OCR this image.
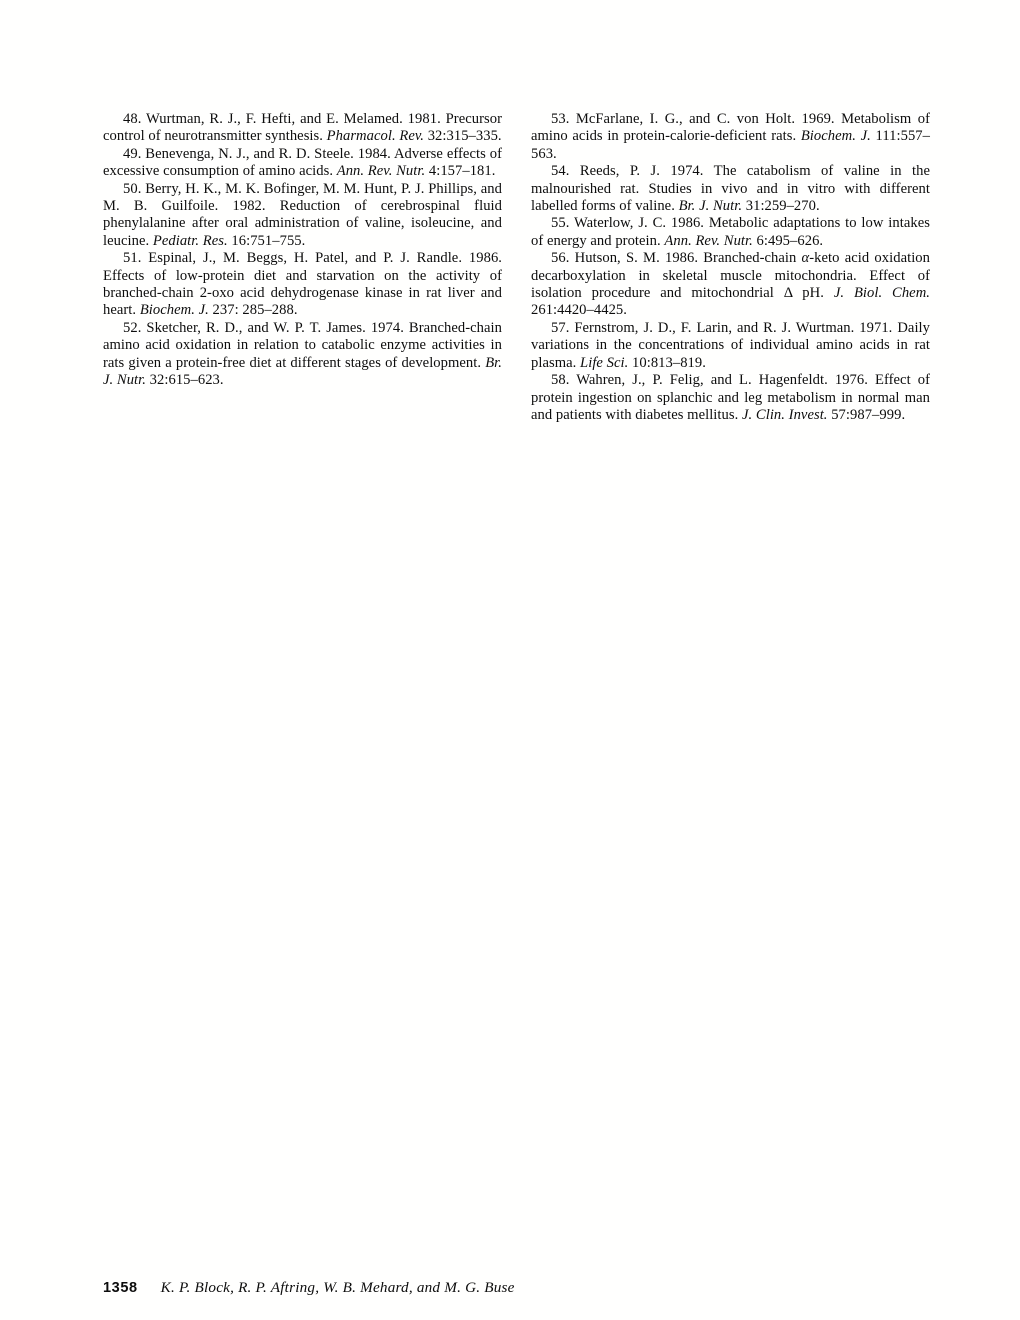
48. Wurtman, R. J., F. Hefti, and E. Melamed. 1981. Precursor control of neurotransmitter synthesis. Pharmacol. Rev. 32:315–335.

49. Benevenga, N. J., and R. D. Steele. 1984. Adverse effects of excessive consumption of amino acids. Ann. Rev. Nutr. 4:157–181.

50. Berry, H. K., M. K. Bofinger, M. M. Hunt, P. J. Phillips, and M. B. Guilfoile. 1982. Reduction of cerebrospinal fluid phenylalanine after oral administration of valine, isoleucine, and leucine. Pediatr. Res. 16:751–755.

51. Espinal, J., M. Beggs, H. Patel, and P. J. Randle. 1986. Effects of low-protein diet and starvation on the activity of branched-chain 2-oxo acid dehydrogenase kinase in rat liver and heart. Biochem. J. 237: 285–288.

52. Sketcher, R. D., and W. P. T. James. 1974. Branched-chain amino acid oxidation in relation to catabolic enzyme activities in rats given a protein-free diet at different stages of development. Br. J. Nutr. 32:615–623.

53. McFarlane, I. G., and C. von Holt. 1969. Metabolism of amino acids in protein-calorie-deficient rats. Biochem. J. 111:557–563.

54. Reeds, P. J. 1974. The catabolism of valine in the malnourished rat. Studies in vivo and in vitro with different labelled forms of valine. Br. J. Nutr. 31:259–270.

55. Waterlow, J. C. 1986. Metabolic adaptations to low intakes of energy and protein. Ann. Rev. Nutr. 6:495–626.

56. Hutson, S. M. 1986. Branched-chain α-keto acid oxidation decarboxylation in skeletal muscle mitochondria. Effect of isolation procedure and mitochondrial Δ pH. J. Biol. Chem. 261:4420–4425.

57. Fernstrom, J. D., F. Larin, and R. J. Wurtman. 1971. Daily variations in the concentrations of individual amino acids in rat plasma. Life Sci. 10:813–819.

58. Wahren, J., P. Felig, and L. Hagenfeldt. 1976. Effect of protein ingestion on splanchic and leg metabolism in normal man and patients with diabetes mellitus. J. Clin. Invest. 57:987–999.

1358 K. P. Block, R. P. Aftring, W. B. Mehard, and M. G. Buse
